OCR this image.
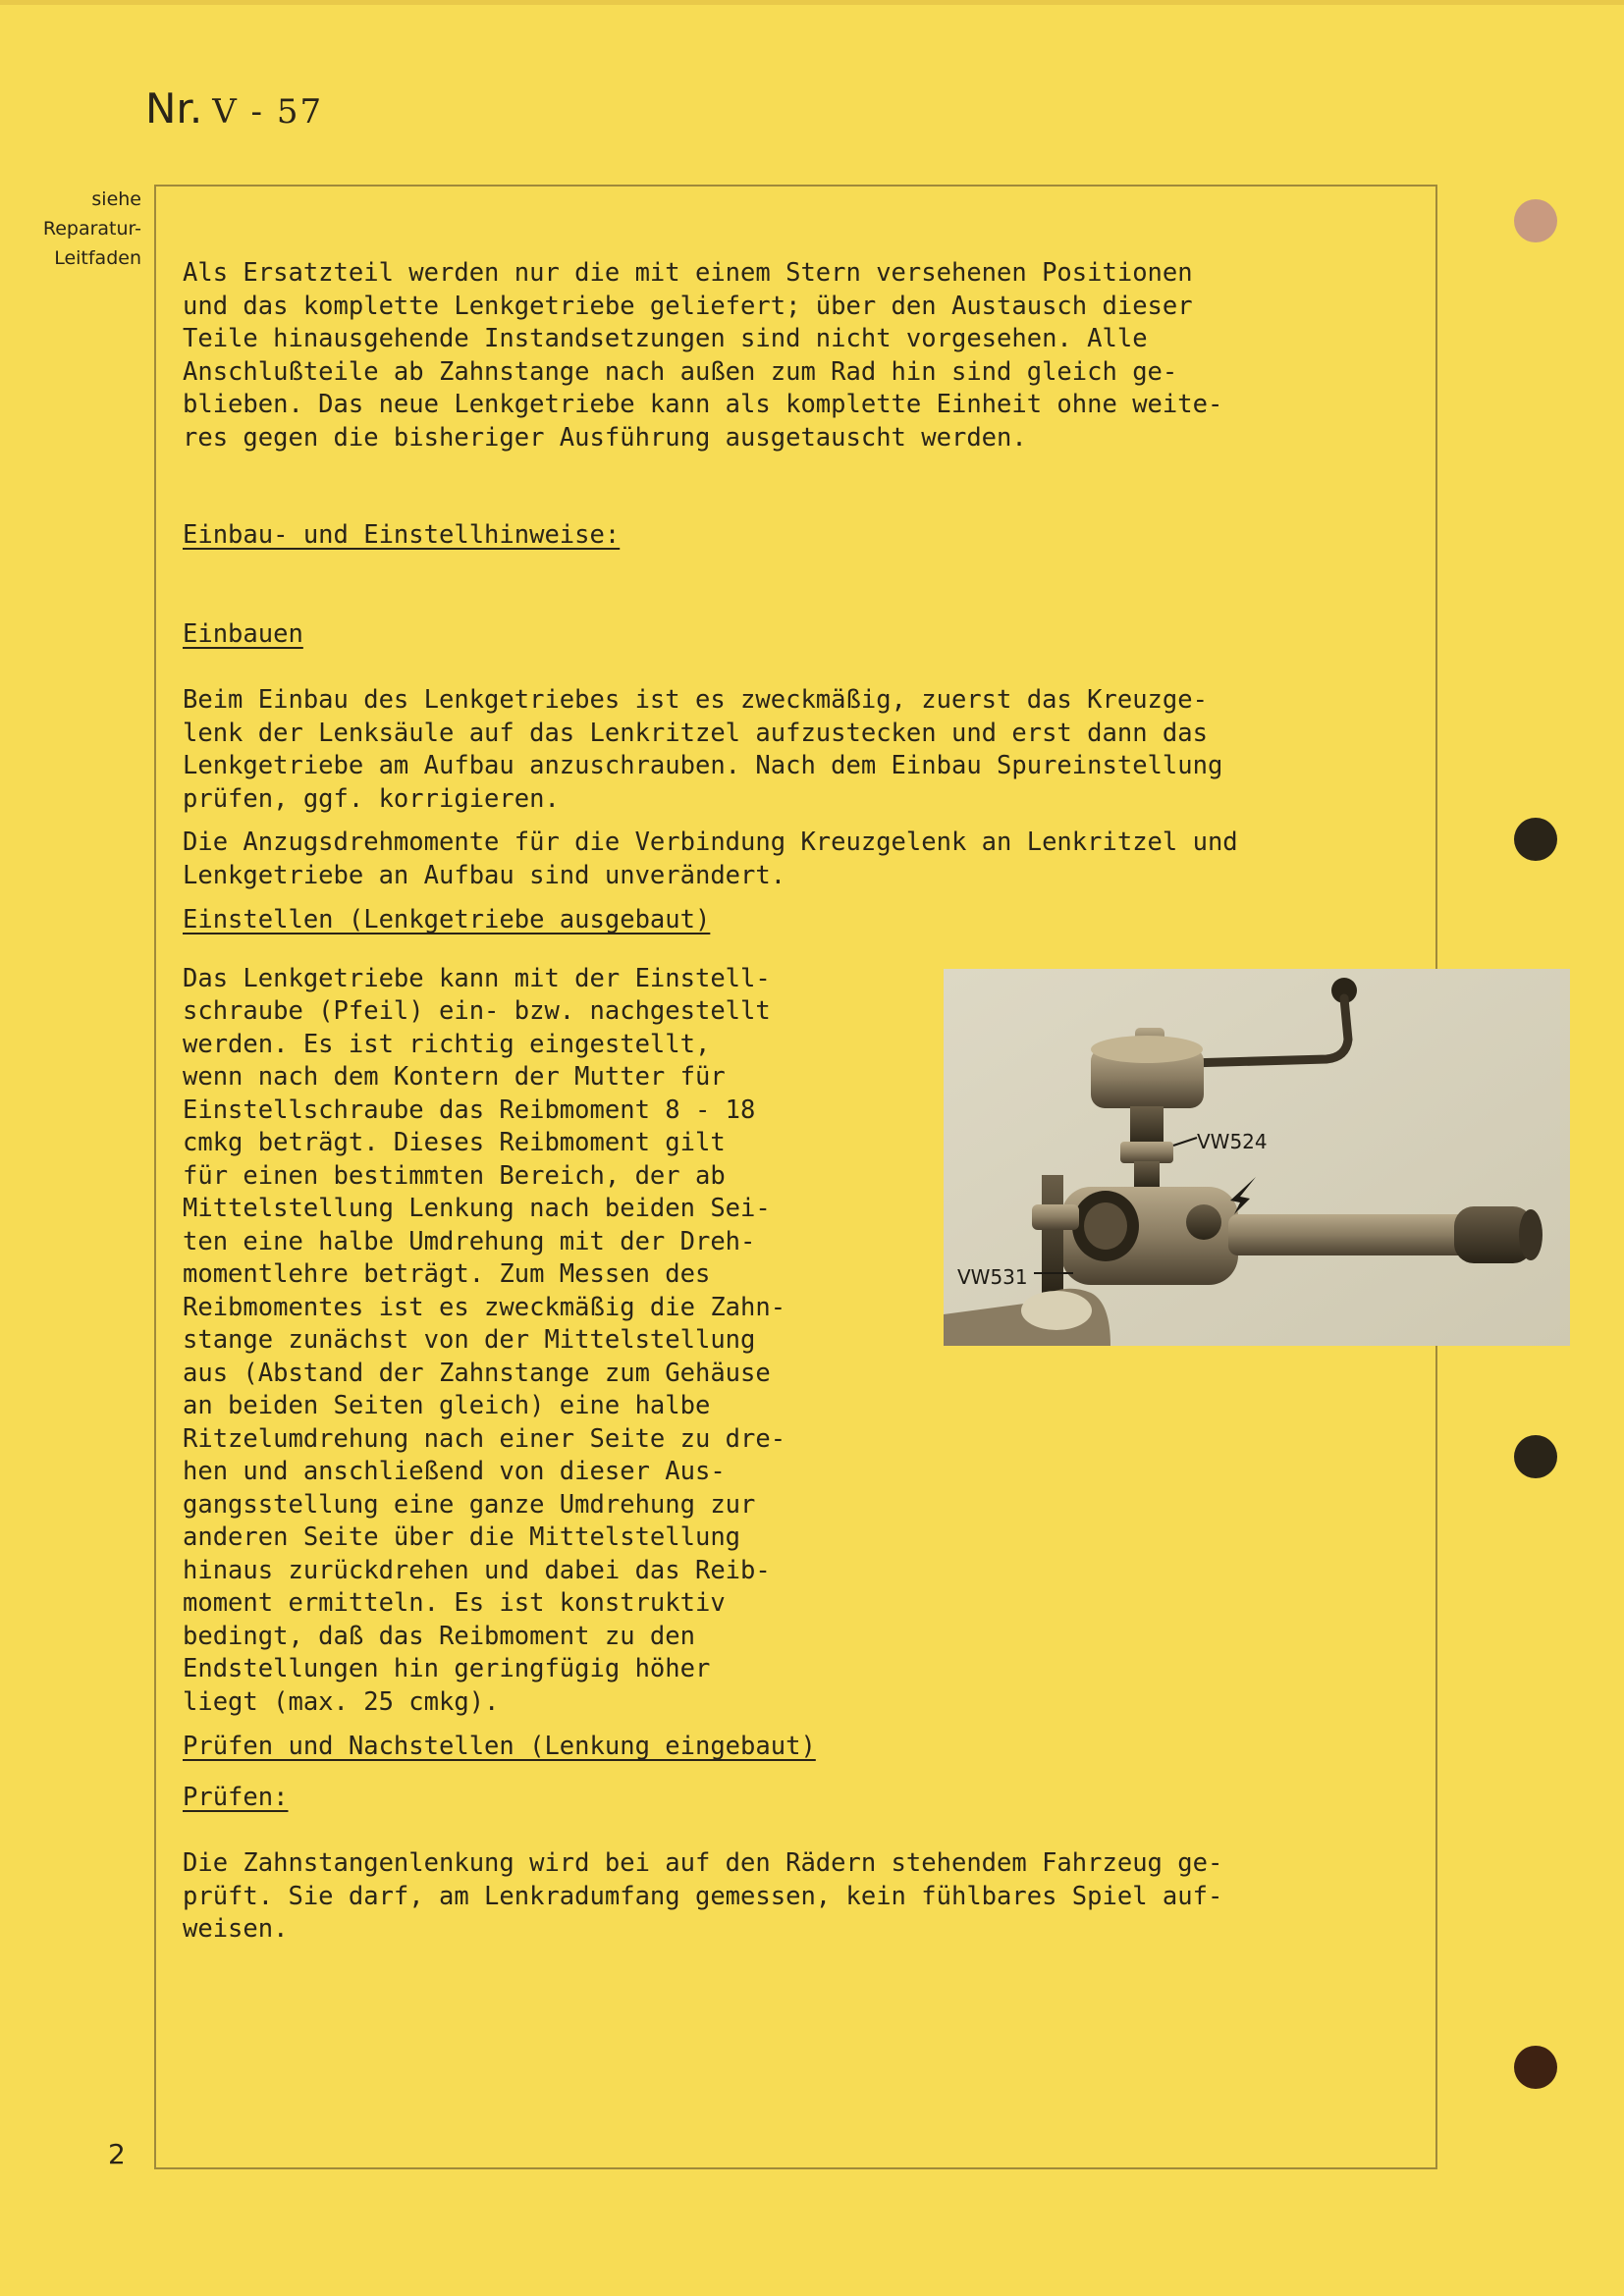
Nr. V - 57
siehe
Reparatur-
Leitfaden
2
Als Ersatzteil werden nur die mit einem Stern versehenen Positionen
und das komplette Lenkgetriebe geliefert; über den Austausch dieser
Teile hinausgehende Instandsetzungen sind nicht vorgesehen. Alle
Anschlußteile ab Zahnstange nach außen zum Rad hin sind gleich ge-
blieben. Das neue Lenkgetriebe kann als komplette Einheit ohne weite-
res gegen die bisheriger Ausführung ausgetauscht werden.
Einbau- und Einstellhinweise:
Einbauen
Beim Einbau des Lenkgetriebes ist es zweckmäßig, zuerst das Kreuzge-
lenk der Lenksäule auf das Lenkritzel aufzustecken und erst dann das
Lenkgetriebe am Aufbau anzuschrauben. Nach dem Einbau Spureinstellung
prüfen, ggf. korrigieren.
Die Anzugsdrehmomente für die Verbindung Kreuzgelenk an Lenkritzel und
Lenkgetriebe an Aufbau sind unverändert.
Einstellen (Lenkgetriebe ausgebaut)
Das Lenkgetriebe kann mit der Einstell-
schraube (Pfeil) ein- bzw. nachgestellt
werden. Es ist richtig eingestellt,
wenn nach dem Kontern der Mutter für
Einstellschraube das Reibmoment 8 - 18
cmkg beträgt. Dieses Reibmoment gilt
für einen bestimmten Bereich, der ab
Mittelstellung Lenkung nach beiden Sei-
ten eine halbe Umdrehung mit der Dreh-
momentlehre beträgt. Zum Messen des
Reibmomentes ist es zweckmäßig die Zahn-
stange zunächst von der Mittelstellung
aus (Abstand der Zahnstange zum Gehäuse
an beiden Seiten gleich) eine halbe
Ritzelumdrehung nach einer Seite zu dre-
hen und anschließend von dieser Aus-
gangsstellung eine ganze Umdrehung zur
anderen Seite über die Mittelstellung
hinaus zurückdrehen und dabei das Reib-
moment ermitteln. Es ist konstruktiv
bedingt, daß das Reibmoment zu den
Endstellungen hin geringfügig höher
liegt (max. 25 cmkg).
VW524
VW531
Prüfen und Nachstellen (Lenkung eingebaut)
Prüfen:
Die Zahnstangenlenkung wird bei auf den Rädern stehendem Fahrzeug ge-
prüft. Sie darf, am Lenkradumfang gemessen, kein fühlbares Spiel auf-
weisen.
